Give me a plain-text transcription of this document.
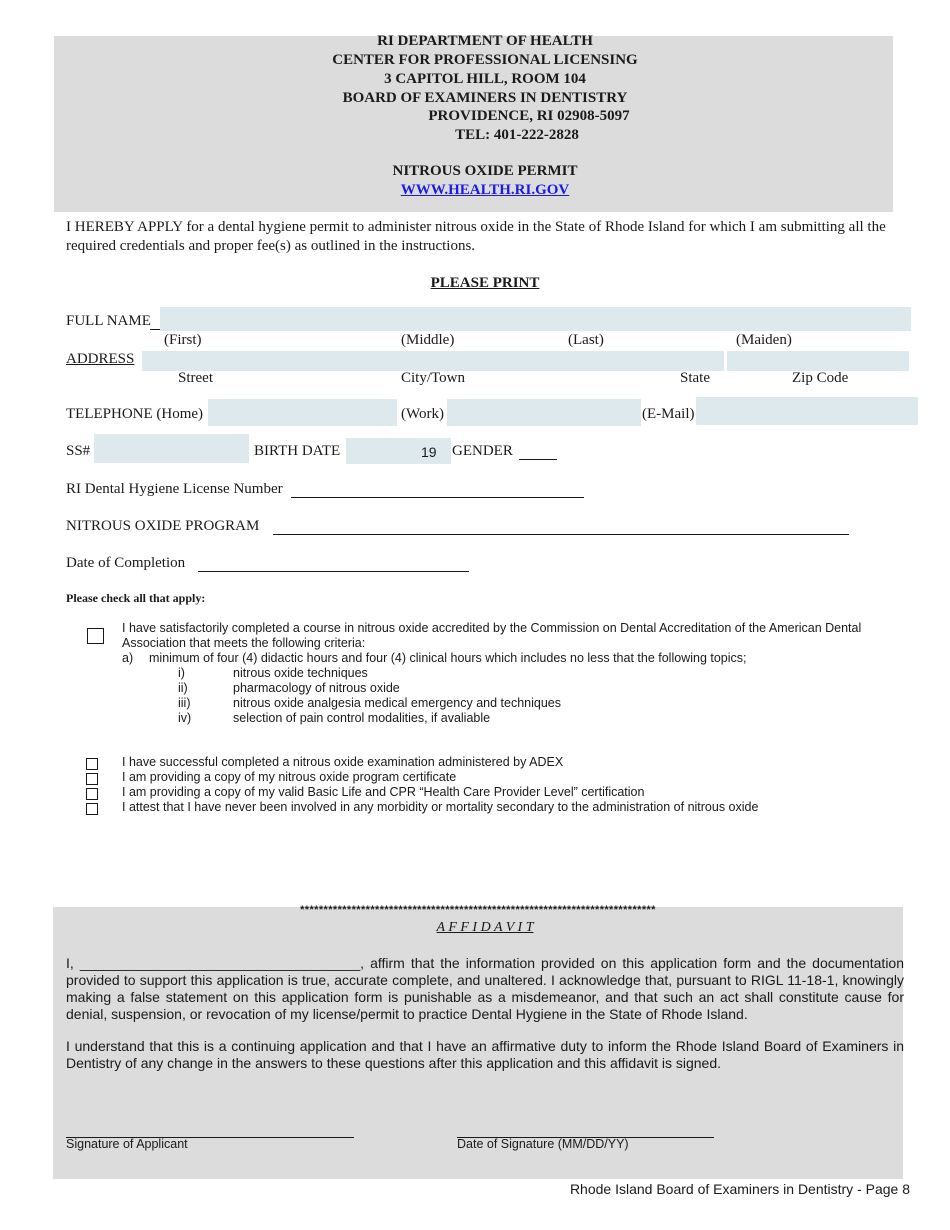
RI DEPARTMENT OF HEALTH
CENTER FOR PROFESSIONAL LICENSING
3 CAPITOL HILL, ROOM 104
BOARD OF EXAMINERS IN DENTISTRY
PROVIDENCE, RI 02908-5097
TEL: 401-222-2828
NITROUS OXIDE PERMIT
WWW.HEALTH.RI.GOV
I HEREBY APPLY for a dental hygiene permit to administer nitrous oxide in the State of Rhode Island for which I am submitting all the required credentials and proper fee(s) as outlined in the instructions.
PLEASE PRINT
FULL NAME
(First)	(Middle)	(Last)	(Maiden)
ADDRESS
Street	City/Town	State	Zip Code
TELEPHONE (Home)	(Work)	(E-Mail)
SS#	BIRTH DATE	19 GENDER
RI Dental Hygiene License Number
NITROUS OXIDE PROGRAM
Date of Completion
Please check all that apply:
I have satisfactorily completed a course in nitrous oxide accredited by the Commission on Dental Accreditation of the American Dental
Association that meets the following criteria:
a) minimum of four (4) didactic hours and four (4) clinical hours which includes no less that the following topics;
i)	nitrous oxide techniques
ii)	pharmacology of nitrous oxide
iii)	nitrous oxide analgesia medical emergency and techniques
iv)	selection of pain control modalities, if avaliable
I have successful completed a nitrous oxide examination administered by ADEX
I am providing a copy of my nitrous oxide program certificate
I am providing a copy of my valid Basic Life and CPR “Health Care Provider Level” certification
I attest that I have never been involved in any morbidity or mortality secondary to the administration of nitrous oxide
****************************************************************************
A F F I D A V I T
I, ____________________________________, affirm that the information provided on this application form and the documentation provided to support this application is true, accurate complete, and unaltered. I acknowledge that, pursuant to RIGL 11-18-1, knowingly making a false statement on this application form is punishable as a misdemeanor, and that such an act shall constitute cause for denial, suspension, or revocation of my license/permit to practice Dental Hygiene in the State of Rhode Island.
I understand that this is a continuing application and that I have an affirmative duty to inform the Rhode Island Board of Examiners in Dentistry of any change in the answers to these questions after this application and this affidavit is signed.
Signature of Applicant	Date of Signature (MM/DD/YY)
Rhode Island Board of Examiners in Dentistry - Page 8
